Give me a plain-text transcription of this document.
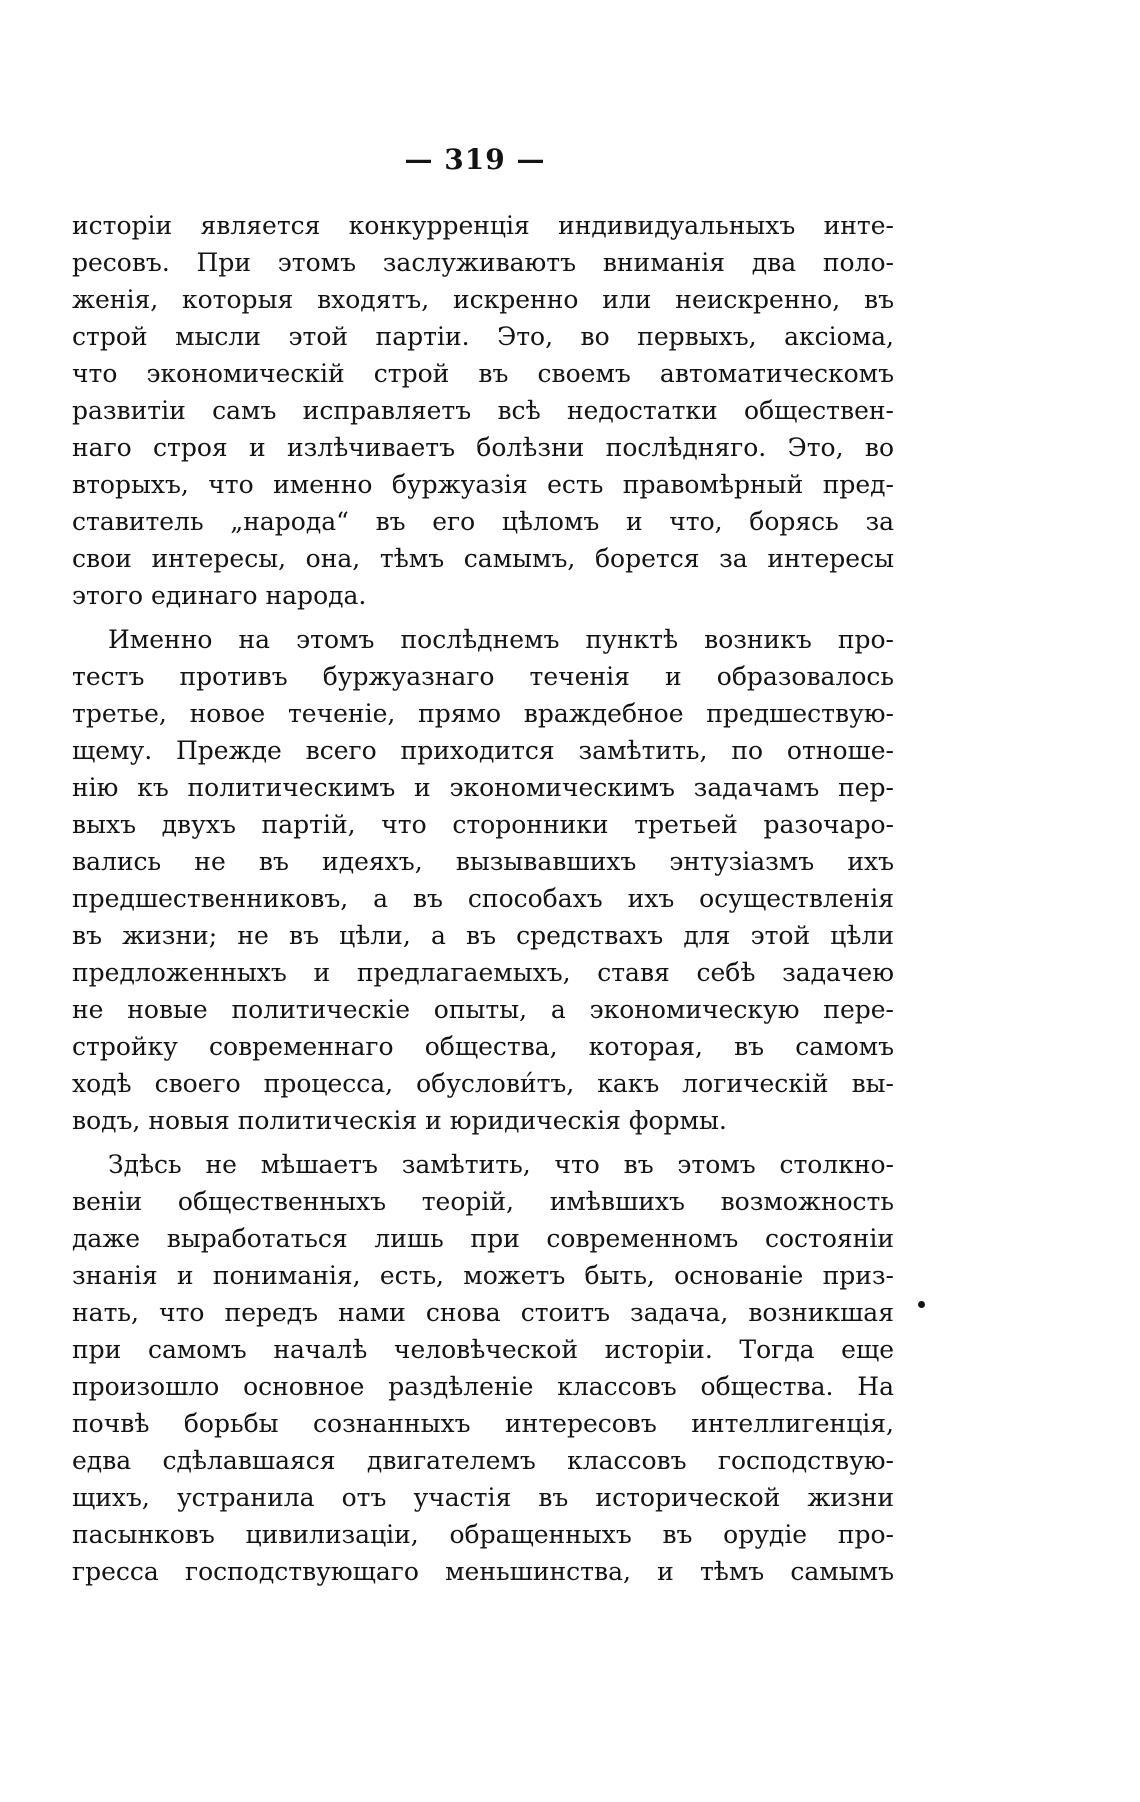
— 319 —
исторіи является конкурренція индивидуальныхъ инте-
ресовъ. При этомъ заслуживаютъ вниманія два поло-
женія, которыя входятъ, искренно или неискренно, въ
строй мысли этой партіи. Это, во первыхъ, аксіома,
что экономическій строй въ своемъ автоматическомъ
развитіи самъ исправляетъ всѣ недостатки обществен-
наго строя и излѣчиваетъ болѣзни послѣдняго. Это, во
вторыхъ, что именно буржуазія есть правомѣрный пред-
ставитель „народа“ въ его цѣломъ и что, борясь за
свои интересы, она, тѣмъ самымъ, борется за интересы
этого единаго народа.
Именно на этомъ послѣднемъ пунктѣ возникъ про-
тестъ противъ буржуазнаго теченія и образовалось
третье, новое теченіе, прямо враждебное предшествую-
щему. Прежде всего приходится замѣтить, по отноше-
нію къ политическимъ и экономическимъ задачамъ пер-
выхъ двухъ партій, что сторонники третьей разочаро-
вались не въ идеяхъ, вызывавшихъ энтузіазмъ ихъ
предшественниковъ, а въ способахъ ихъ осуществленія
въ жизни; не въ цѣли, а въ средствахъ для этой цѣли
предложенныхъ и предлагаемыхъ, ставя себѣ задачею
не новые политическіе опыты, а экономическую пере-
стройку современнаго общества, которая, въ самомъ
ходѣ своего процесса, обуслови́тъ, какъ логическій вы-
водъ, новыя политическія и юридическія формы.
Здѣсь не мѣшаетъ замѣтить, что въ этомъ столкно-
веніи общественныхъ теорій, имѣвшихъ возможность
даже выработаться лишь при современномъ состояніи
знанія и пониманія, есть, можетъ быть, основаніе приз-
нать, что передъ нами снова стоитъ задача, возникшая
при самомъ началѣ человѣческой исторіи. Тогда еще
произошло основное раздѣленіе классовъ общества. На
почвѣ борьбы сознанныхъ интересовъ интеллигенція,
едва сдѣлавшаяся двигателемъ классовъ господствую-
щихъ, устранила отъ участія въ исторической жизни
пасынковъ цивилизаціи, обращенныхъ въ орудіе про-
гресса господствующаго меньшинства, и тѣмъ самымъ
